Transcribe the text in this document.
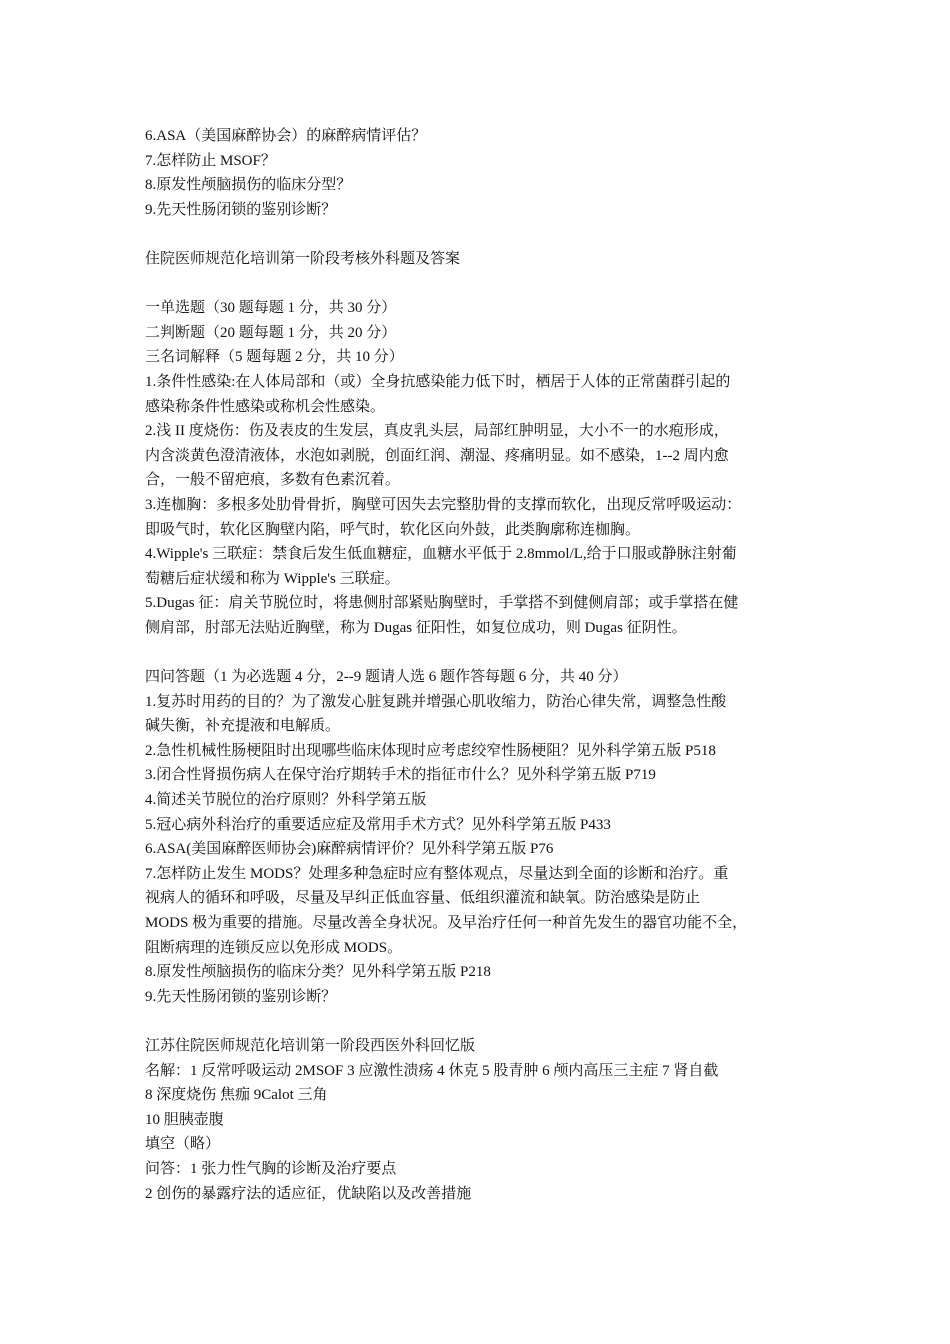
6.ASA（美国麻醉协会）的麻醉病情评估？
7.怎样防止 MSOF？
8.原发性颅脑损伤的临床分型？
9.先天性肠闭锁的鉴别诊断？
住院医师规范化培训第一阶段考核外科题及答案
一单选题（30 题每题 1 分，共 30 分）
二判断题（20 题每题 1 分，共 20 分）
三名词解释（5 题每题 2 分，共 10 分）
1.条件性感染:在人体局部和（或）全身抗感染能力低下时，栖居于人体的正常菌群引起的
感染称条件性感染或称机会性感染。
2.浅 II 度烧伤：伤及表皮的生发层，真皮乳头层，局部红肿明显，大小不一的水疱形成，
内含淡黄色澄清液体，水泡如剥脱，创面红润、潮湿、疼痛明显。如不感染，1--2 周内愈
合，一般不留疤痕，多数有色素沉着。
3.连枷胸：多根多处肋骨骨折，胸壁可因失去完整肋骨的支撑而软化，出现反常呼吸运动：
即吸气时，软化区胸壁内陷，呼气时，软化区向外鼓，此类胸廓称连枷胸。
4.Wipple's 三联症：禁食后发生低血糖症，血糖水平低于 2.8mmol/L,给于口服或静脉注射葡
萄糖后症状缓和称为 Wipple's 三联症。
5.Dugas 征：肩关节脱位时，将患侧肘部紧贴胸壁时，手掌搭不到健侧肩部；或手掌搭在健
侧肩部，肘部无法贴近胸壁，称为 Dugas 征阳性，如复位成功，则 Dugas 征阴性。
四问答题（1 为必选题 4 分，2--9 题请人选 6 题作答每题 6 分，共 40 分）
1.复苏时用药的目的？为了激发心脏复跳并增强心肌收缩力，防治心律失常，调整急性酸
碱失衡，补充提液和电解质。
2.急性机械性肠梗阻时出现哪些临床体现时应考虑绞窄性肠梗阻？见外科学第五版 P518
3.闭合性肾损伤病人在保守治疗期转手术的指征市什么？见外科学第五版 P719
4.简述关节脱位的治疗原则？外科学第五版
5.冠心病外科治疗的重要适应症及常用手术方式？见外科学第五版 P433
6.ASA(美国麻醉医师协会)麻醉病情评价？见外科学第五版 P76
7.怎样防止发生 MODS？处理多种急症时应有整体观点，尽量达到全面的诊断和治疗。重
视病人的循环和呼吸，尽量及早纠正低血容量、低组织灌流和缺氧。防治感染是防止
MODS 极为重要的措施。尽量改善全身状况。及早治疗任何一种首先发生的器官功能不全，
阻断病理的连锁反应以免形成 MODS。
8.原发性颅脑损伤的临床分类？见外科学第五版 P218
9.先天性肠闭锁的鉴别诊断？
江苏住院医师规范化培训第一阶段西医外科回忆版
名解：1 反常呼吸运动 2MSOF 3 应激性溃疡 4 休克 5 股青肿 6 颅内高压三主症 7 肾自截
8 深度烧伤 焦痂 9Calot 三角
10 胆胰壶腹
填空（略）
问答：1 张力性气胸的诊断及治疗要点
2 创伤的暴露疗法的适应征，优缺陷以及改善措施
